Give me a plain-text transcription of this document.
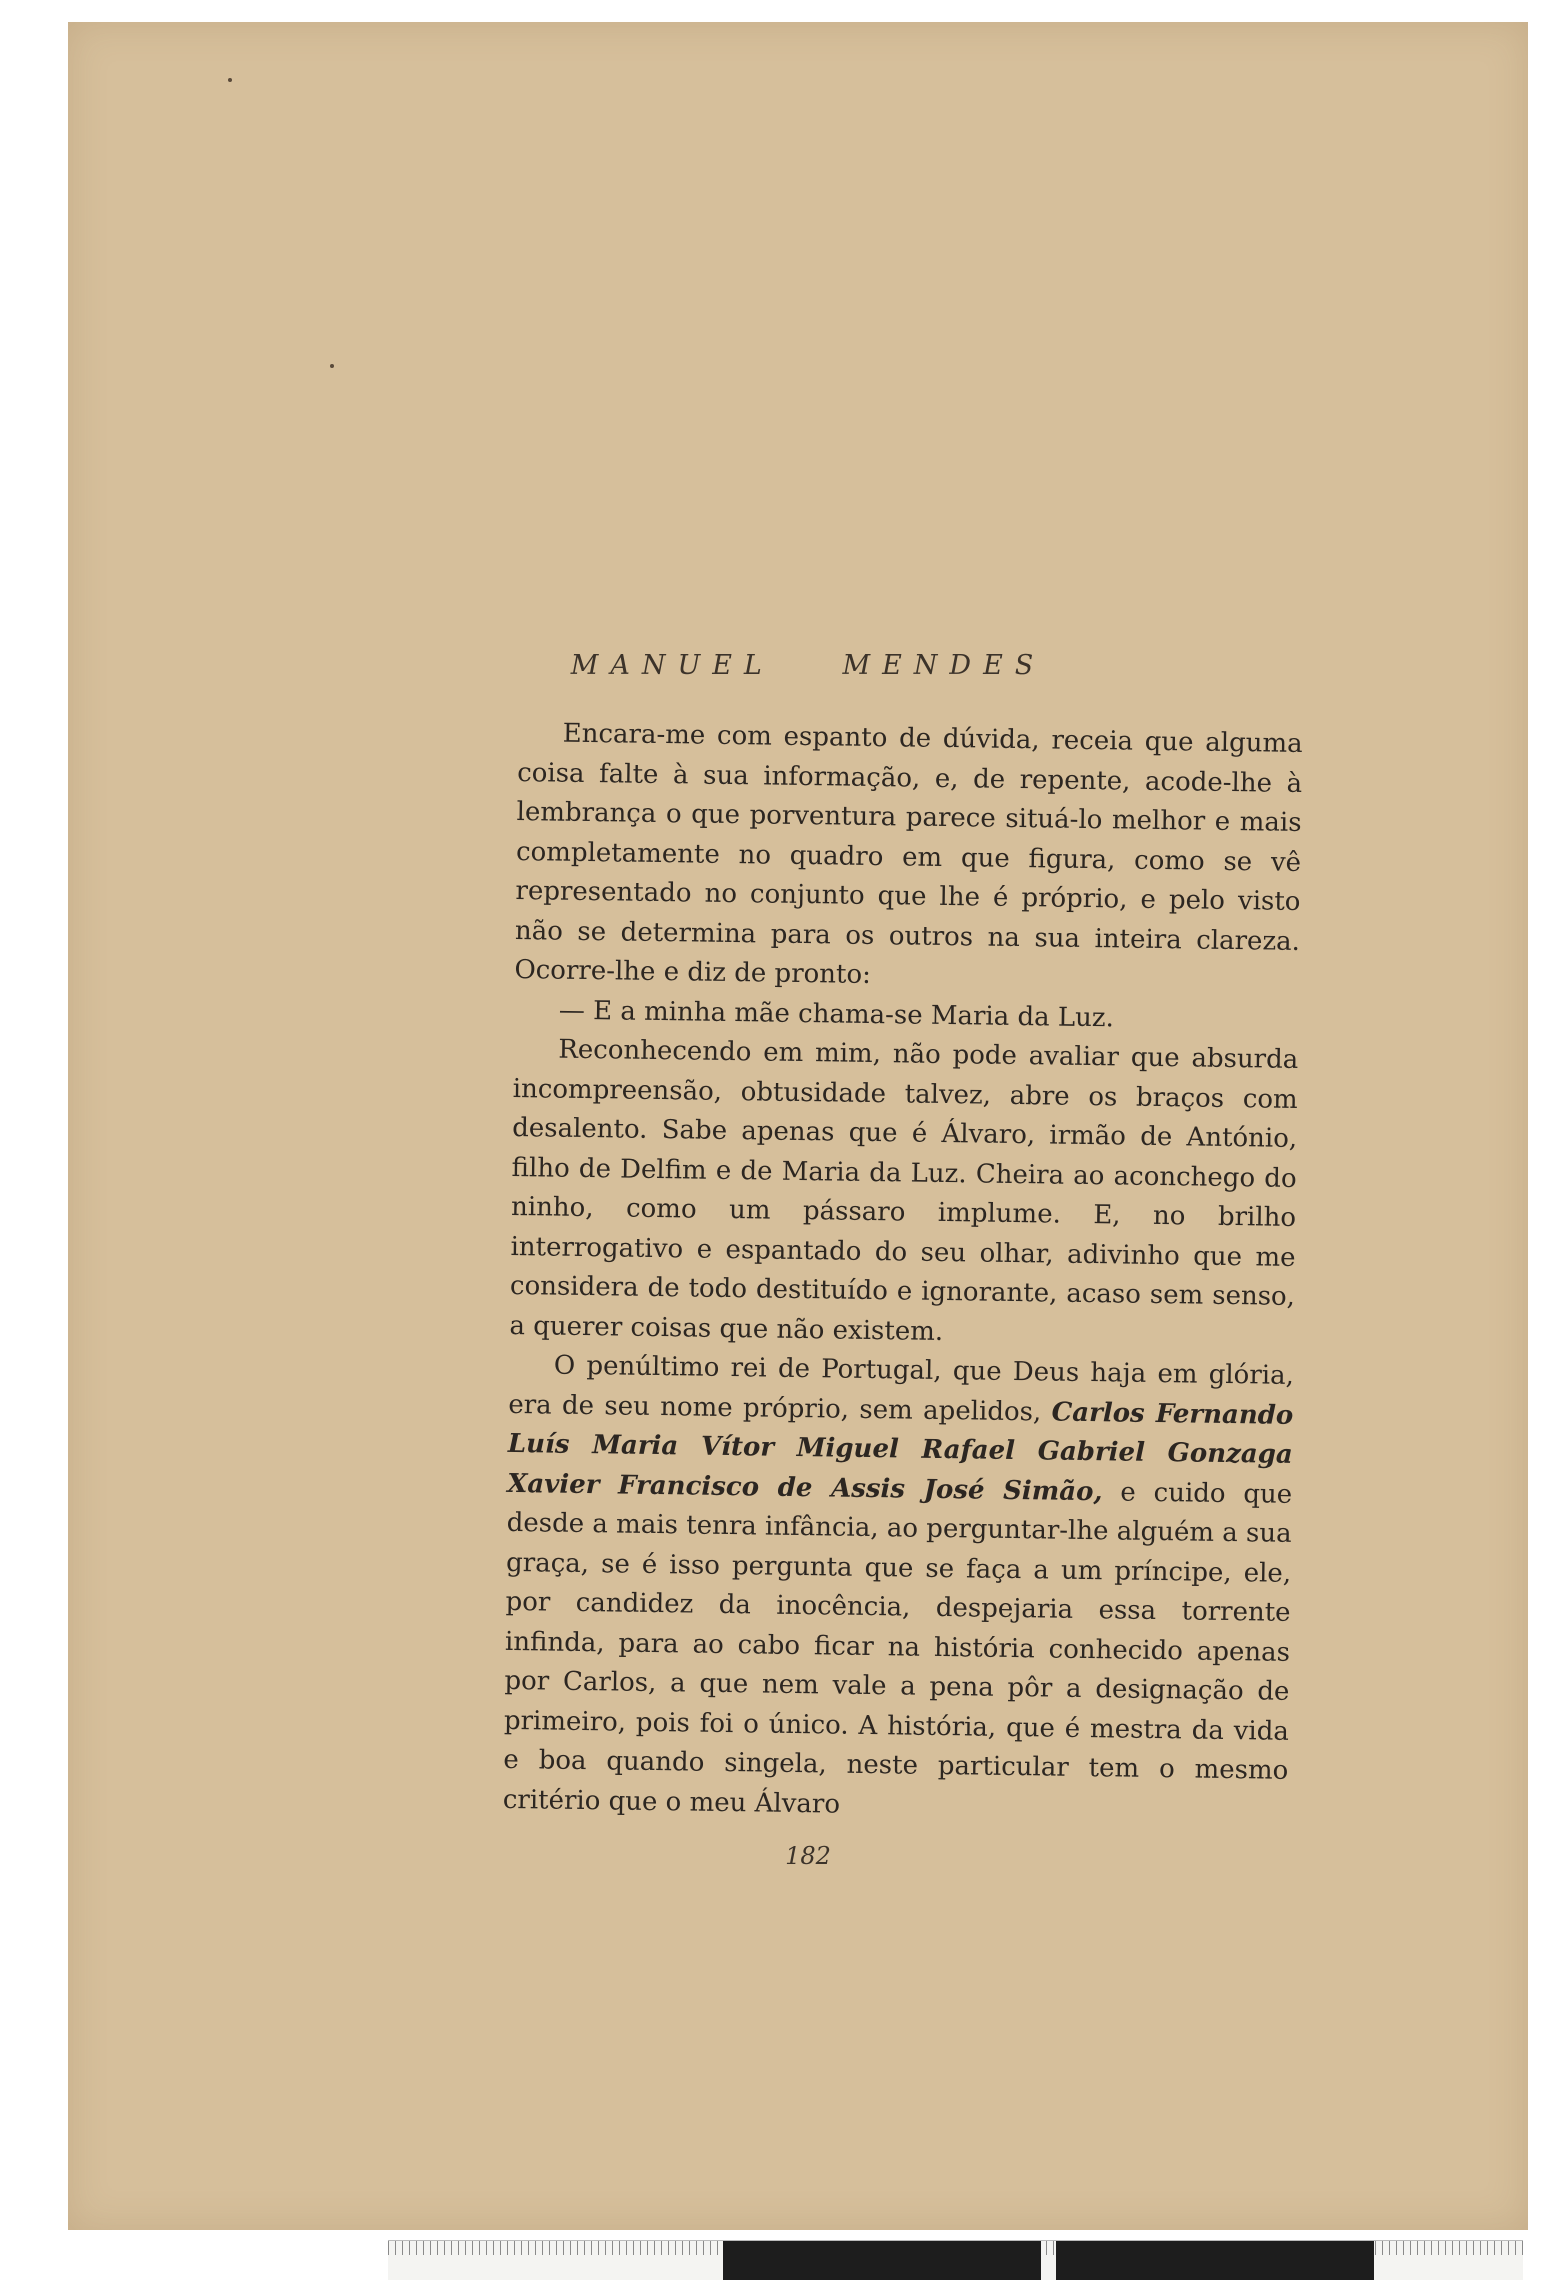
MANUEL	MENDES

Encara-me com espanto de dúvida, receia que alguma coisa falte à sua informação, e, de repente, acode-lhe à lembrança o que porventura parece situá-lo melhor e mais completamente no quadro em que figura, como se vê representado no conjunto que lhe é próprio, e pelo visto não se determina para os outros na sua inteira clareza. Ocorre-lhe e diz de pronto:

— E a minha mãe chama-se Maria da Luz.

Reconhecendo em mim, não pode avaliar que absurda incompreensão, obtusidade talvez, abre os braços com desalento. Sabe apenas que é Álvaro, irmão de António, filho de Delfim e de Maria da Luz. Cheira ao aconchego do ninho, como um pássaro implume. E, no brilho interrogativo e espantado do seu olhar, adivinho que me considera de todo destituído e ignorante, acaso sem senso, a querer coisas que não existem.

O penúltimo rei de Portugal, que Deus haja em glória, era de seu nome próprio, sem apelidos, Carlos Fernando Luís Maria Vítor Miguel Rafael Gabriel Gonzaga Xavier Francisco de Assis José Simão, e cuido que desde a mais tenra infância, ao perguntar-lhe alguém a sua graça, se é isso pergunta que se faça a um príncipe, ele, por candidez da inocência, despejaria essa torrente infinda, para ao cabo ficar na história conhecido apenas por Carlos, a que nem vale a pena pôr a designação de primeiro, pois foi o único. A história, que é mestra da vida e boa quando singela, neste particular tem o mesmo critério que o meu Álvaro

182
